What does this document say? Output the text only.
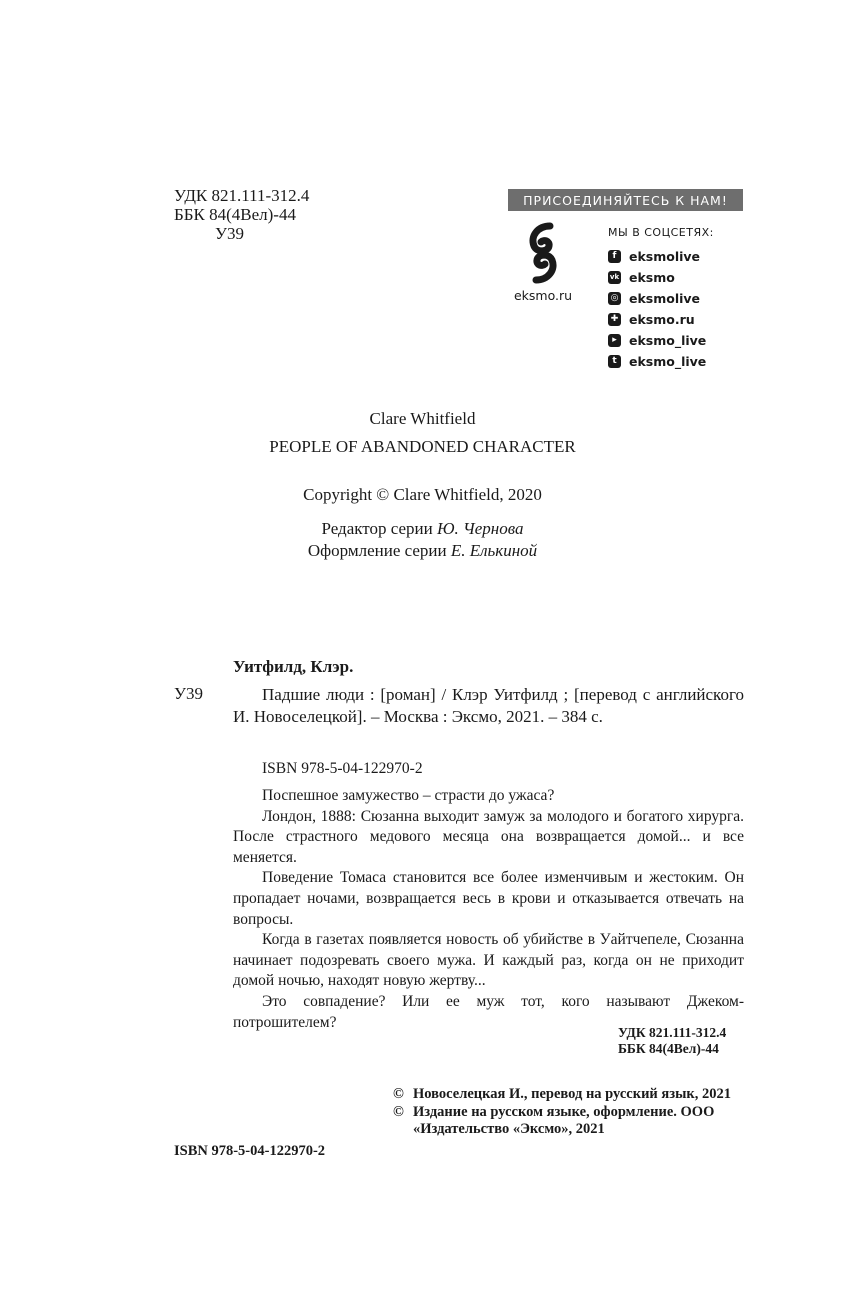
УДК 821.111-312.4
ББК 84(4Вел)-44
У39
ПРИСОЕДИНЯЙТЕСЬ К НАМ!
eksmo.ru
МЫ В СОЦСЕТЯХ:
f	eksmolive
vk eksmo
◎ eksmolive
✚ eksmo.ru
▸ eksmo_live
t eksmo_live
Clare Whitfield
PEOPLE OF ABANDONED CHARACTER
Copyright © Clare Whitfield, 2020
Редактор серии Ю. Чернова
Оформление серии Е. Елькиной
Уитфилд, Клэр.
У39	Падшие люди : [роман] / Клэр Уитфилд ; [перевод с английского И. Новоселецкой]. – Москва : Эксмо, 2021. – 384 с.
ISBN 978-5-04-122970-2

Поспешное замужество – страсти до ужаса?

Лондон, 1888: Сюзанна выходит замуж за молодого и богатого хирурга. После страстного медового месяца она возвращается домой... и все меняется.

Поведение Томаса становится все более изменчивым и жестоким. Он пропадает ночами, возвращается весь в крови и отказывается отвечать на вопросы.

Когда в газетах появляется новость об убийстве в Уайтчепеле, Сюзанна начинает подозревать своего мужа. И каждый раз, когда он не приходит домой ночью, находят новую жертву...

Это совпадение? Или ее муж тот, кого называют Джеком-потрошителем?

УДК 821.111-312.4
ББК 84(4Вел)-44
© Новоселецкая И., перевод на русский язык, 2021
© Издание на русском языке, оформление. ООО «Издательство «Эксмо», 2021
ISBN 978-5-04-122970-2
